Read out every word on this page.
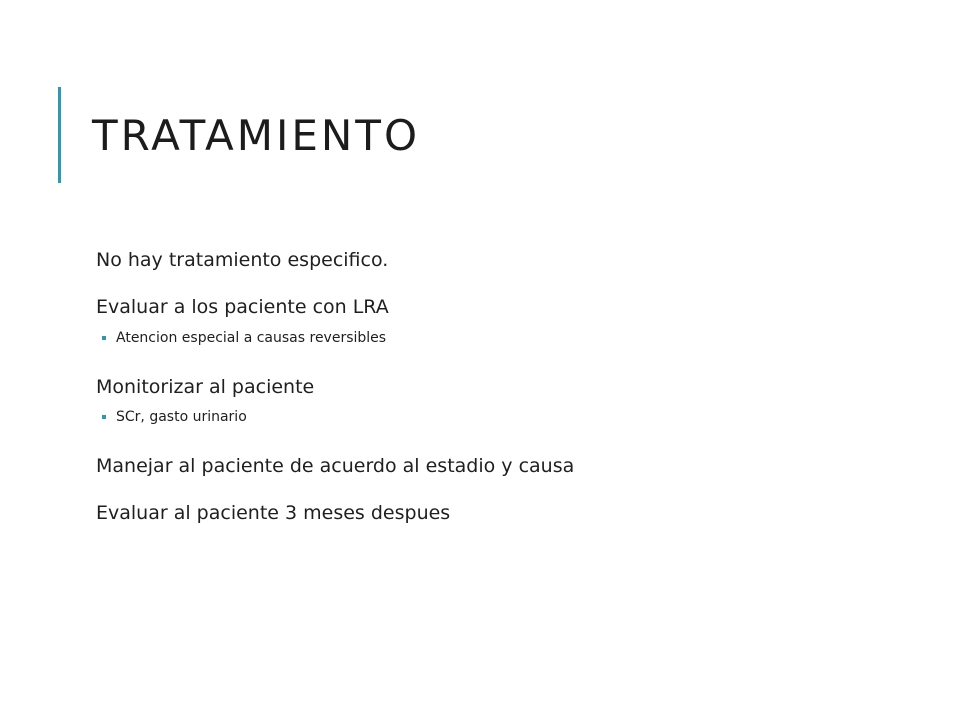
TRATAMIENTO
No hay tratamiento especifico.
Evaluar a los paciente con LRA
Atencion especial a causas reversibles
Monitorizar al paciente
SCr, gasto urinario
Manejar al paciente de acuerdo al estadio y causa
Evaluar al paciente 3 meses despues
